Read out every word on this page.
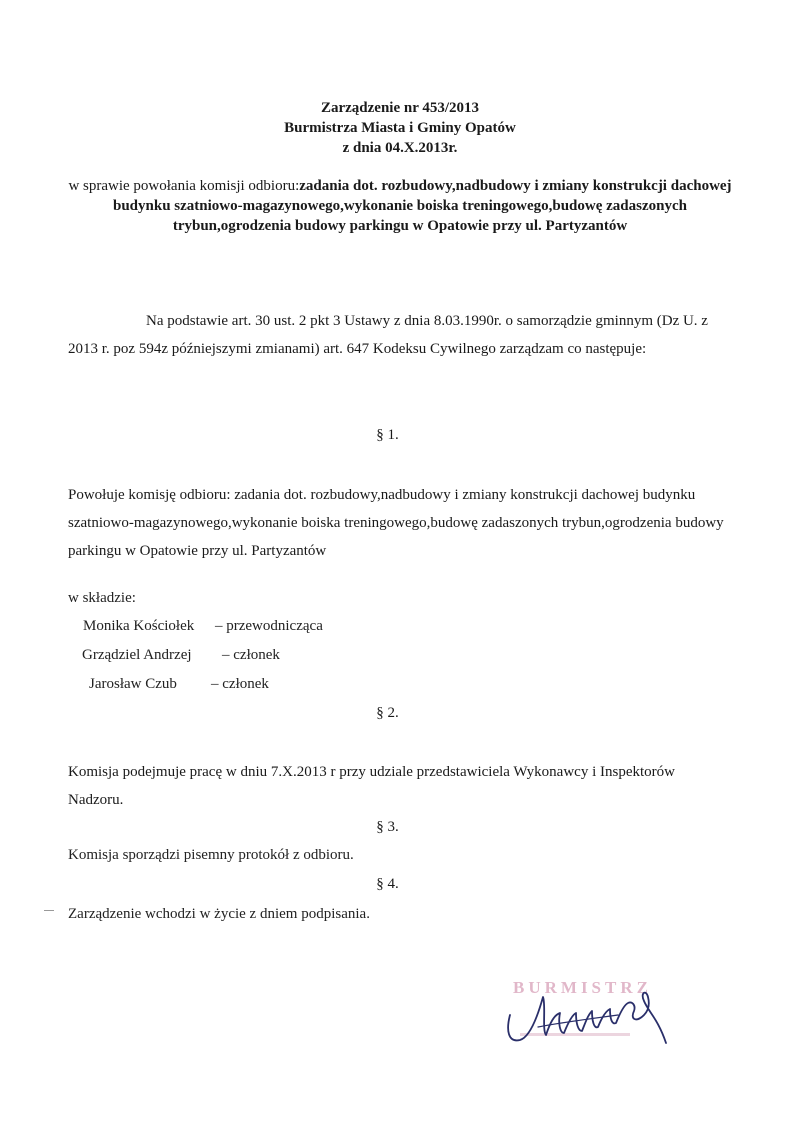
Zarządzenie nr 453/2013
Burmistrza Miasta i Gminy Opatów
z dnia 04.X.2013r.
w sprawie powołania komisji odbioru:zadania dot. rozbudowy,nadbudowy i zmiany konstrukcji dachowej budynku szatniowo-magazynowego,wykonanie boiska treningowego,budowę zadaszonych trybun,ogrodzenia budowy parkingu w Opatowie przy ul. Partyzantów
Na podstawie art. 30 ust. 2 pkt 3 Ustawy z dnia 8.03.1990r. o samorządzie gminnym (Dz U. z 2013 r. poz 594z późniejszymi zmianami) art. 647 Kodeksu Cywilnego zarządzam co następuje:
§ 1.
Powołuje komisję odbioru: zadania dot. rozbudowy,nadbudowy i zmiany konstrukcji dachowej budynku szatniowo-magazynowego,wykonanie boiska treningowego,budowę zadaszonych trybun,ogrodzenia budowy parkingu w Opatowie przy ul. Partyzantów
w składzie:
Monika Kościołek – przewodnicząca
Grządziel Andrzej – członek
Jarosław Czub – członek
§ 2.
Komisja podejmuje pracę w dniu 7.X.2013 r przy udziale przedstawiciela Wykonawcy i Inspektorów Nadzoru.
§ 3.
Komisja sporządzi pisemny protokół z odbioru.
§ 4.
Zarządzenie wchodzi w życie z dniem podpisania.
BURMISTRZ
